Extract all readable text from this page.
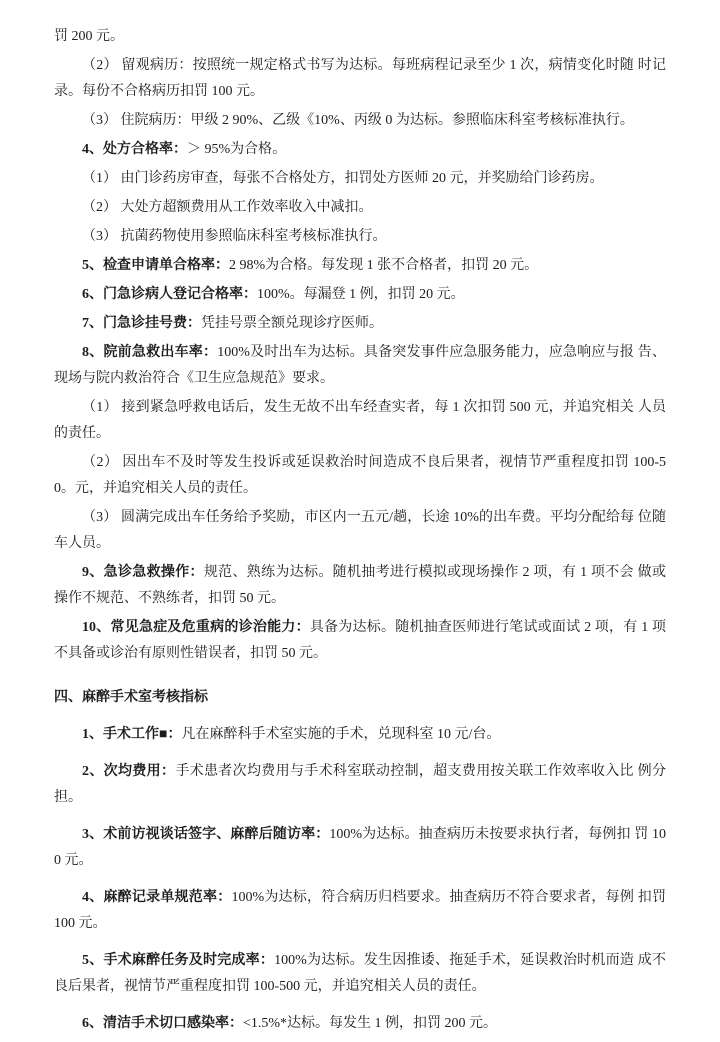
罚 200 元。
（2） 留观病历：按照统一规定格式书写为达标。每班病程记录至少 1 次，病情变化时随 时记录。每份不合格病历扣罚 100 元。
（3） 住院病历：甲级 2 90%、乙级《10%、丙级 0 为达标。参照临床科室考核标准执行。
4、处方合格率：＞ 95%为合格。
（1） 由门诊药房审查，每张不合格处方，扣罚处方医师 20 元，并奖励给门诊药房。
（2） 大处方超额费用从工作效率收入中减扣。
（3） 抗菌药物使用参照临床科室考核标准执行。
5、检查申请单合格率：2 98%为合格。每发现 1 张不合格者，扣罚 20 元。
6、门急诊病人登记合格率：100%。每漏登 1 例，扣罚 20 元。
7、门急诊挂号费：凭挂号票全额兑现诊疗医师。
8、院前急救出车率：100%及时出车为达标。具备突发事件应急服务能力，应急响应与报 告、现场与院内救治符合《卫生应急规范》要求。
（1） 接到紧急呼救电话后，发生无故不出车经查实者，每 1 次扣罚 500 元，并追究相关 人员的责任。
（2） 因出车不及时等发生投诉或延误救治时间造成不良后果者，视情节严重程度扣罚 100-50。元，并追究相关人员的责任。
（3） 圆满完成出车任务给予奖励，市区内一五元/趟，长途 10%的出车费。平均分配给每 位随车人员。
9、急诊急救操作：规范、熟练为达标。随机抽考进行模拟或现场操作 2 项，有 1 项不会 做或操作不规范、不熟练者，扣罚 50 元。
10、常见急症及危重病的诊治能力：具备为达标。随机抽查医师进行笔试或面试 2 项，有 1 项不具备或诊治有原则性错误者，扣罚 50 元。
四、麻醉手术室考核指标
1、手术工作■：凡在麻醉科手术室实施的手术，兑现科室 10 元/台。
2、次均费用：手术患者次均费用与手术科室联动控制，超支费用按关联工作效率收入比 例分担。
3、术前访视谈话签字、麻醉后随访率：100%为达标。抽查病历未按要求执行者，每例扣 罚 100 元。
4、麻醉记录单规范率：100%为达标，符合病历归档要求。抽查病历不符合要求者，每例 扣罚 100 元。
5、手术麻醉任务及时完成率：100%为达标。发生因推诿、拖延手术，延误救治时机而造 成不良后果者，视情节严重程度扣罚 100-500 元，并追究相关人员的责任。
6、清洁手术切口感染率：<1.5%*达标。每发生 1 例，扣罚 200 元。
